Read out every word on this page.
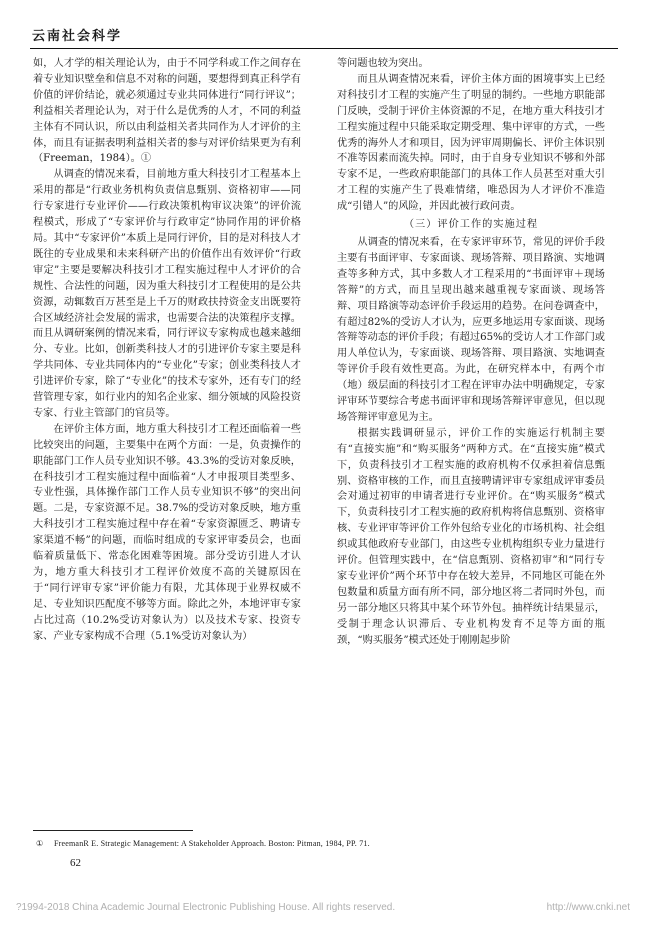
云南社会科学

如，人才学的相关理论认为，由于不同学科或工作之间存在着专业知识壁垒和信息不对称的问题，要想得到真正科学有价值的评价结论，就必须通过专业共同体进行“同行评议”；利益相关者理论认为，对于什么是优秀的人才，不同的利益主体有不同认识，所以由利益相关者共同作为人才评价的主体，而且有证据表明利益相关者的参与对评价结果更为有利（Freeman，1984）。①

从调查的情况来看，目前地方重大科技引才工程基本上采用的都是“行政业务机构负责信息甄别、资格初审——同行专家进行专业评价——行政决策机构审议决策”的评价流程模式，形成了“专家评价与行政审定”协同作用的评价格局。其中“专家评价”本质上是同行评价，目的是对科技人才既往的专业成果和未来科研产出的价值作出有效评价“行政审定”主要是要解决科技引才工程实施过程中人才评价的合规性、合法性的问题，因为重大科技引才工程使用的是公共资源，动辄数百万甚至是上千万的财政扶持资金支出既要符合区域经济社会发展的需求，也需要合法的决策程序支撑。而且从调研案例的情况来看，同行评议专家构成也越来越细分、专业。比如，创新类科技人才的引进评价专家主要是科学共同体、专业共同体内的“专业化”专家；创业类科技人才引进评价专家，除了“专业化”的技术专家外，还有专门的经营管理专家，如行业内的知名企业家、细分领域的风险投资专家、行业主管部门的官员等。

在评价主体方面，地方重大科技引才工程还面临着一些比较突出的问题，主要集中在两个方面：一是，负责操作的职能部门工作人员专业知识不够。43.3%的受访对象反映，在科技引才工程实施过程中面临着“人才申报项目类型多、专业性强，具体操作部门工作人员专业知识不够”的突出问题。二是，专家资源不足。38.7%的受访对象反映，地方重大科技引才工程实施过程中存在着“专家资源匮乏、聘请专家渠道不畅”的问题，而临时组成的专家评审委员会，也面临着质量低下、常态化困难等困境。部分受访引进人才认为，地方重大科技引才工程评价效度不高的关键原因在于“同行评审专家”评价能力有限，尤其体现于业界权威不足、专业知识匹配度不够等方面。除此之外，本地评审专家占比过高（10.2%受访对象认为）以及技术专家、投资专家、产业专家构成不合理（5.1%受访对象认为）

等问题也较为突出。

而且从调查情况来看，评价主体方面的困境事实上已经对科技引才工程的实施产生了明显的制约。一些地方职能部门反映，受制于评价主体资源的不足，在地方重大科技引才工程实施过程中只能采取定期受理、集中评审的方式，一些优秀的海外人才和项目，因为评审周期偏长、评价主体识别不准等因素而流失掉。同时，由于自身专业知识不够和外部专家不足，一些政府职能部门的具体工作人员甚至对重大引才工程的实施产生了畏难情绪，唯恐因为人才评价不准造成“引错人”的风险，并因此被行政问责。

（三）评价工作的实施过程

从调查的情况来看，在专家评审环节，常见的评价手段主要有书面评审、专家面谈、现场答辩、项目路演、实地调查等多种方式，其中多数人才工程采用的“书面评审＋现场答辩”的方式，而且呈现出越来越重视专家面谈、现场答辩、项目路演等动态评价手段运用的趋势。在问卷调查中，有超过82%的受访人才认为，应更多地运用专家面谈、现场答辩等动态的评价手段；有超过65%的受访人才工作部门或用人单位认为，专家面谈、现场答辩、项目路演、实地调查等评价手段有效性更高。为此，在研究样本中，有两个市（地）级层面的科技引才工程在评审办法中明确规定，专家评审环节要综合考虑书面评审和现场答辩评审意见，但以现场答辩评审意见为主。

根据实践调研显示，评价工作的实施运行机制主要有“直接实施”和“购买服务”两种方式。在“直接实施”模式下，负责科技引才工程实施的政府机构不仅承担着信息甄别、资格审核的工作，而且直接聘请评审专家组成评审委员会对通过初审的申请者进行专业评价。在“购买服务”模式下，负责科技引才工程实施的政府机构将信息甄别、资格审核、专业评审等评价工作外包给专业化的市场机构、社会组织或其他政府专业部门，由这些专业机构组织专业力量进行评价。但管理实践中，在“信息甄别、资格初审”和“同行专家专业评价”两个环节中存在较大差异，不同地区可能在外包数量和质量方面有所不同，部分地区将二者同时外包，而另一部分地区只将其中某个环节外包。抽样统计结果显示，受制于理念认识滞后、专业机构发育不足等方面的瓶颈，“购买服务”模式还处于刚刚起步阶

① FreemanR E. Strategic Management: A Stakeholder Approach. Boston: Pitman, 1984, PP. 71.
62
?1994-2018 China Academic Journal Electronic Publishing House. All rights reserved.	http://www.cnki.net
